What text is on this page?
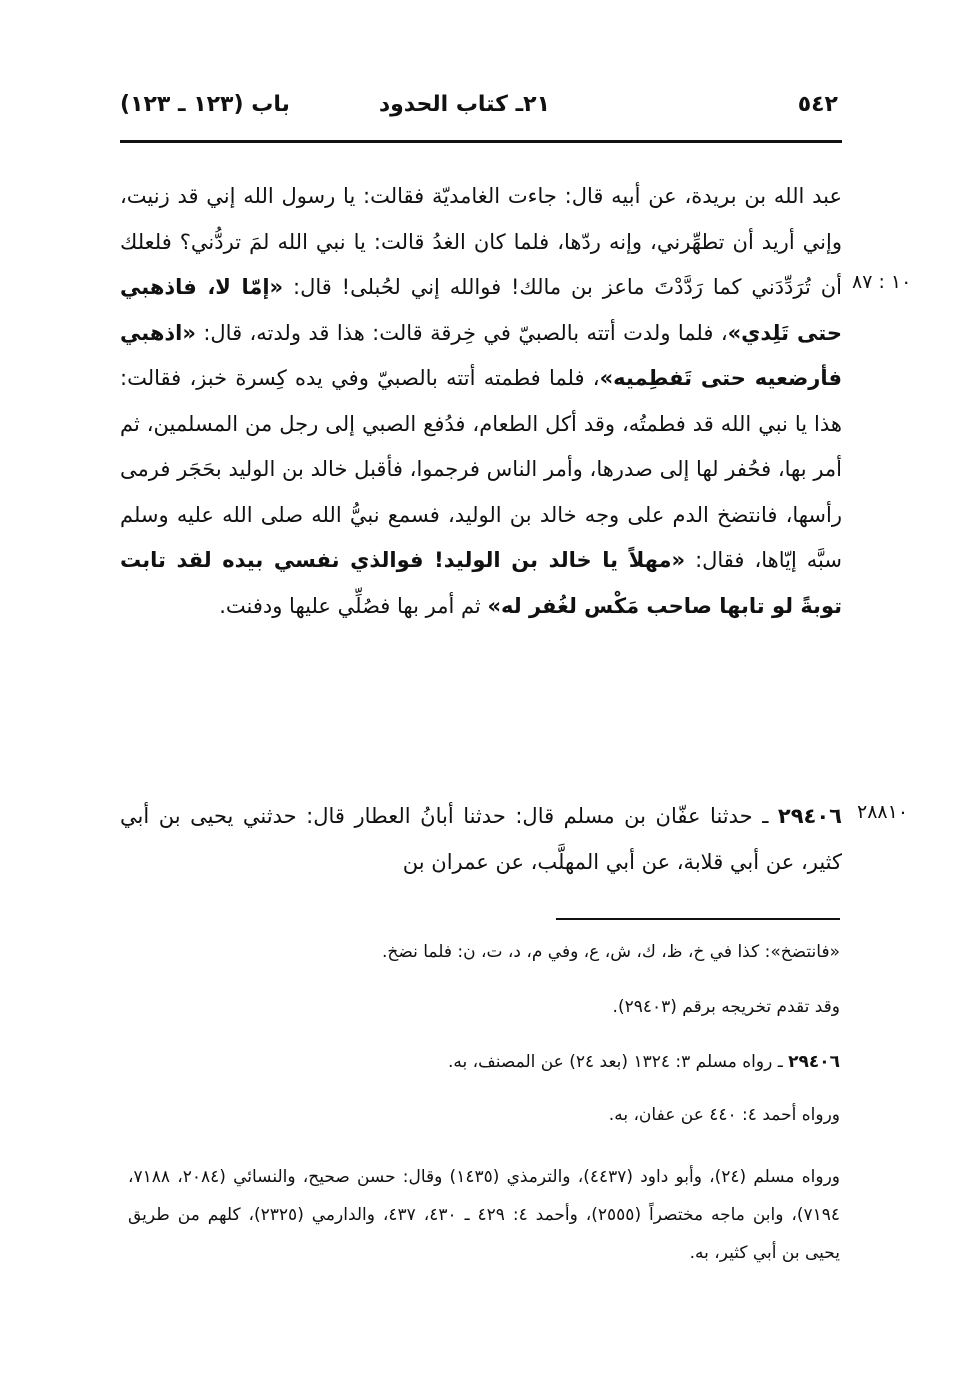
٥٤٢
٢١ـ كتاب الحدود
باب (١٢٣ ـ ١٢٣)
١٠ : ٨٧
٢٨٨١٠

عبد الله بن بريدة، عن أبيه قال: جاءت الغامديّة فقالت: يا رسول الله إني قد زنيت، وإني أريد أن تطهِّرني، وإنه ردّها، فلما كان الغدُ قالت: يا نبي الله لمَ تردُّني؟ فلعلك أن تُرَدِّدَني كما رَدَّدْتَ ماعز بن مالك! فوالله إني لحُبلى! قال: «إمّا لا، فاذهبي حتى تَلِدي»، فلما ولدت أتته بالصبيّ في خِرقة قالت: هذا قد ولدته، قال: «اذهبي فأرضعيه حتى تَفطِميه»، فلما فطمته أتته بالصبيّ وفي يده كِسرة خبز، فقالت: هذا يا نبي الله قد فطمتُه، وقد أكل الطعام، فدُفع الصبي إلى رجل من المسلمين، ثم أمر بها، فحُفر لها إلى صدرها، وأمر الناس فرجموا، فأقبل خالد بن الوليد بحَجَر فرمى رأسها، فانتضخ الدم على وجه خالد بن الوليد، فسمع نبيُّ الله صلى الله عليه وسلم سبَّه إيّاها، فقال: «مهلاً يا خالد بن الوليد! فوالذي نفسي بيده لقد تابت توبةً لو تابها صاحب مَكْس لغُفر له» ثم أمر بها فصُلِّي عليها ودفنت.

٢٩٤٠٦ ـ حدثنا عفّان بن مسلم قال: حدثنا أبانُ العطار قال: حدثني يحيى بن أبي كثير، عن أبي قلابة، عن أبي المهلَّب، عن عمران بن
«فانتضخ»: كذا في خ، ظ، ك، ش، ع، وفي م، د، ت، ن: فلما نضخ.
وقد تقدم تخريجه برقم (٢٩٤٠٣).
٢٩٤٠٦ ـ رواه مسلم ٣: ١٣٢٤ (بعد ٢٤) عن المصنف، به.
ورواه أحمد ٤: ٤٤٠ عن عفان، به.
ورواه مسلم (٢٤)، وأبو داود (٤٤٣٧)، والترمذي (١٤٣٥) وقال: حسن صحيح، والنسائي (٢٠٨٤، ٧١٨٨، ٧١٩٤)، وابن ماجه مختصراً (٢٥٥٥)، وأحمد ٤: ٤٢٩ ـ ٤٣٠، ٤٣٧، والدارمي (٢٣٢٥)، كلهم من طريق يحيى بن أبي كثير، به.
